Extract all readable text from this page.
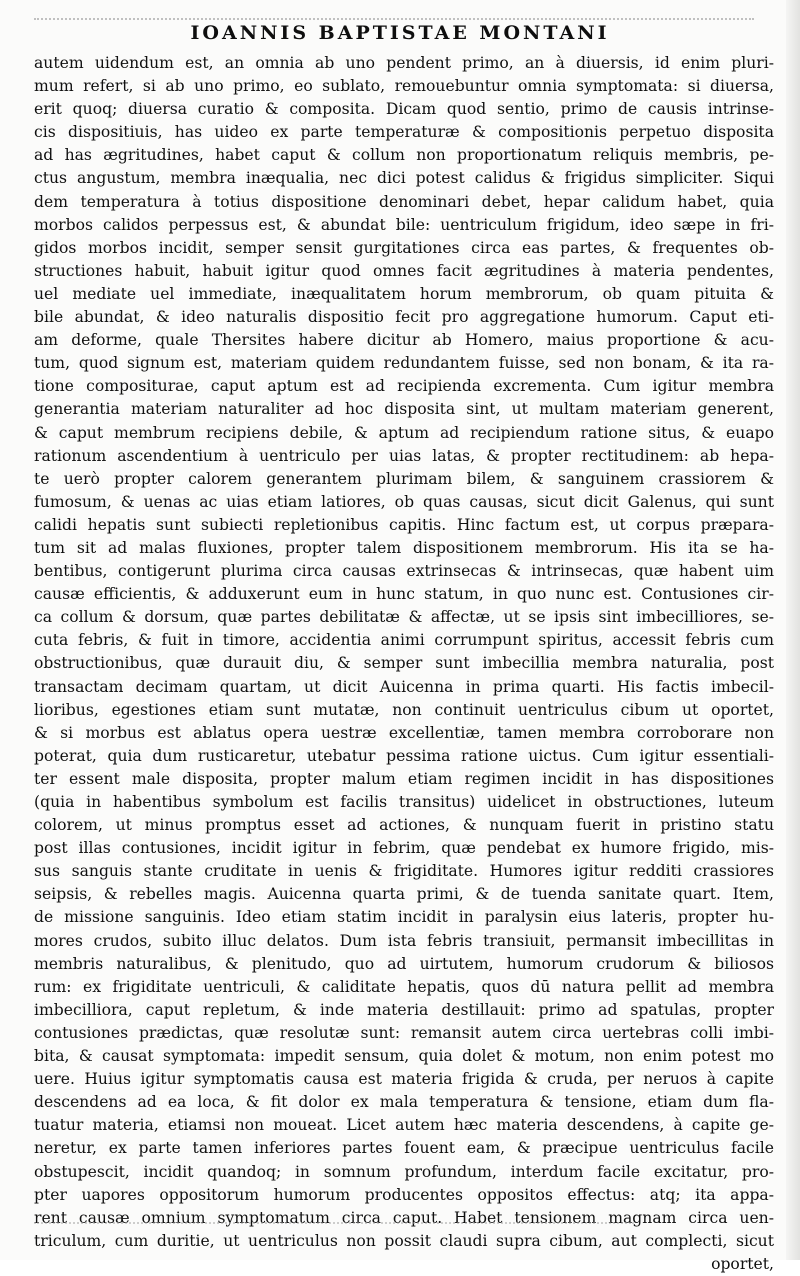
IOANNIS BAPTISTAE MONTANI
autem uidendum est, an omnia ab uno pendent primo, an à diuersis, id enim pluri-
mum refert, si ab uno primo, eo sublato, remouebuntur omnia symptomata: si diuersa,
erit quoq; diuersa curatio & composita. Dicam quod sentio, primo de causis intrinse-
cis dispositiuis, has uideo ex parte temperaturæ & compositionis perpetuo disposita
ad has ægritudines, habet caput & collum non proportionatum reliquis membris, pe-
ctus angustum, membra inæqualia, nec dici potest calidus & frigidus simpliciter. Siqui
dem temperatura à totius dispositione denominari debet, hepar calidum habet, quia
morbos calidos perpessus est, & abundat bile: uentriculum frigidum, ideo sæpe in fri-
gidos morbos incidit, semper sensit gurgitationes circa eas partes, & frequentes ob-
structiones habuit, habuit igitur quod omnes facit ægritudines à materia pendentes,
uel mediate uel immediate, inæqualitatem horum membrorum, ob quam pituita &
bile abundat, & ideo naturalis dispositio fecit pro aggregatione humorum. Caput eti-
am deforme, quale Thersites habere dicitur ab Homero, maius proportione & acu-
tum, quod signum est, materiam quidem redundantem fuisse, sed non bonam, & ita ra-
tione compositurae, caput aptum est ad recipienda excrementa. Cum igitur membra
generantia materiam naturaliter ad hoc disposita sint, ut multam materiam generent,
& caput membrum recipiens debile, & aptum ad recipiendum ratione situs, & euapo
rationum ascendentium à uentriculo per uias latas, & propter rectitudinem: ab hepa-
te uerò propter calorem generantem plurimam bilem, & sanguinem crassiorem &
fumosum, & uenas ac uias etiam latiores, ob quas causas, sicut dicit Galenus, qui sunt
calidi hepatis sunt subiecti repletionibus capitis. Hinc factum est, ut corpus præpara-
tum sit ad malas fluxiones, propter talem dispositionem membrorum. His ita se ha-
bentibus, contigerunt plurima circa causas extrinsecas & intrinsecas, quæ habent uim
causæ efficientis, & adduxerunt eum in hunc statum, in quo nunc est. Contusiones cir-
ca collum & dorsum, quæ partes debilitatæ & affectæ, ut se ipsis sint imbecilliores, se-
cuta febris, & fuit in timore, accidentia animi corrumpunt spiritus, accessit febris cum
obstructionibus, quæ durauit diu, & semper sunt imbecillia membra naturalia, post
transactam decimam quartam, ut dicit Auicenna in prima quarti. His factis imbecil-
lioribus, egestiones etiam sunt mutatæ, non continuit uentriculus cibum ut oportet,
& si morbus est ablatus opera uestræ excellentiæ, tamen membra corroborare non
poterat, quia dum rusticaretur, utebatur pessima ratione uictus. Cum igitur essentiali-
ter essent male disposita, propter malum etiam regimen incidit in has dispositiones
(quia in habentibus symbolum est facilis transitus) uidelicet in obstructiones, luteum
colorem, ut minus promptus esset ad actiones, & nunquam fuerit in pristino statu
post illas contusiones, incidit igitur in febrim, quæ pendebat ex humore frigido, mis-
sus sanguis stante cruditate in uenis & frigiditate. Humores igitur redditi crassiores
seipsis, & rebelles magis. Auicenna quarta primi, & de tuenda sanitate quart. Item,
de missione sanguinis. Ideo etiam statim incidit in paralysin eius lateris, propter hu-
mores crudos, subito illuc delatos. Dum ista febris transiuit, permansit imbecillitas in
membris naturalibus, & plenitudo, quo ad uirtutem, humorum crudorum & biliosos
rum: ex frigiditate uentriculi, & caliditate hepatis, quos dū natura pellit ad membra
imbecilliora, caput repletum, & inde materia destillauit: primo ad spatulas, propter
contusiones prædictas, quæ resolutæ sunt: remansit autem circa uertebras colli imbi-
bita, & causat symptomata: impedit sensum, quia dolet & motum, non enim potest mo
uere. Huius igitur symptomatis causa est materia frigida & cruda, per neruos à capite
descendens ad ea loca, & fit dolor ex mala temperatura & tensione, etiam dum fla-
tuatur materia, etiamsi non moueat. Licet autem hæc materia descendens, à capite ge-
neretur, ex parte tamen inferiores partes fouent eam, & præcipue uentriculus facile
obstupescit, incidit quandoq; in somnum profundum, interdum facile excitatur, pro-
pter uapores oppositorum humorum producentes oppositos effectus: atq; ita appa-
rent causæ omnium symptomatum circa caput. Habet tensionem magnam circa uen-
triculum, cum duritie, ut uentriculus non possit claudi supra cibum, aut complecti, sicut
oportet,
